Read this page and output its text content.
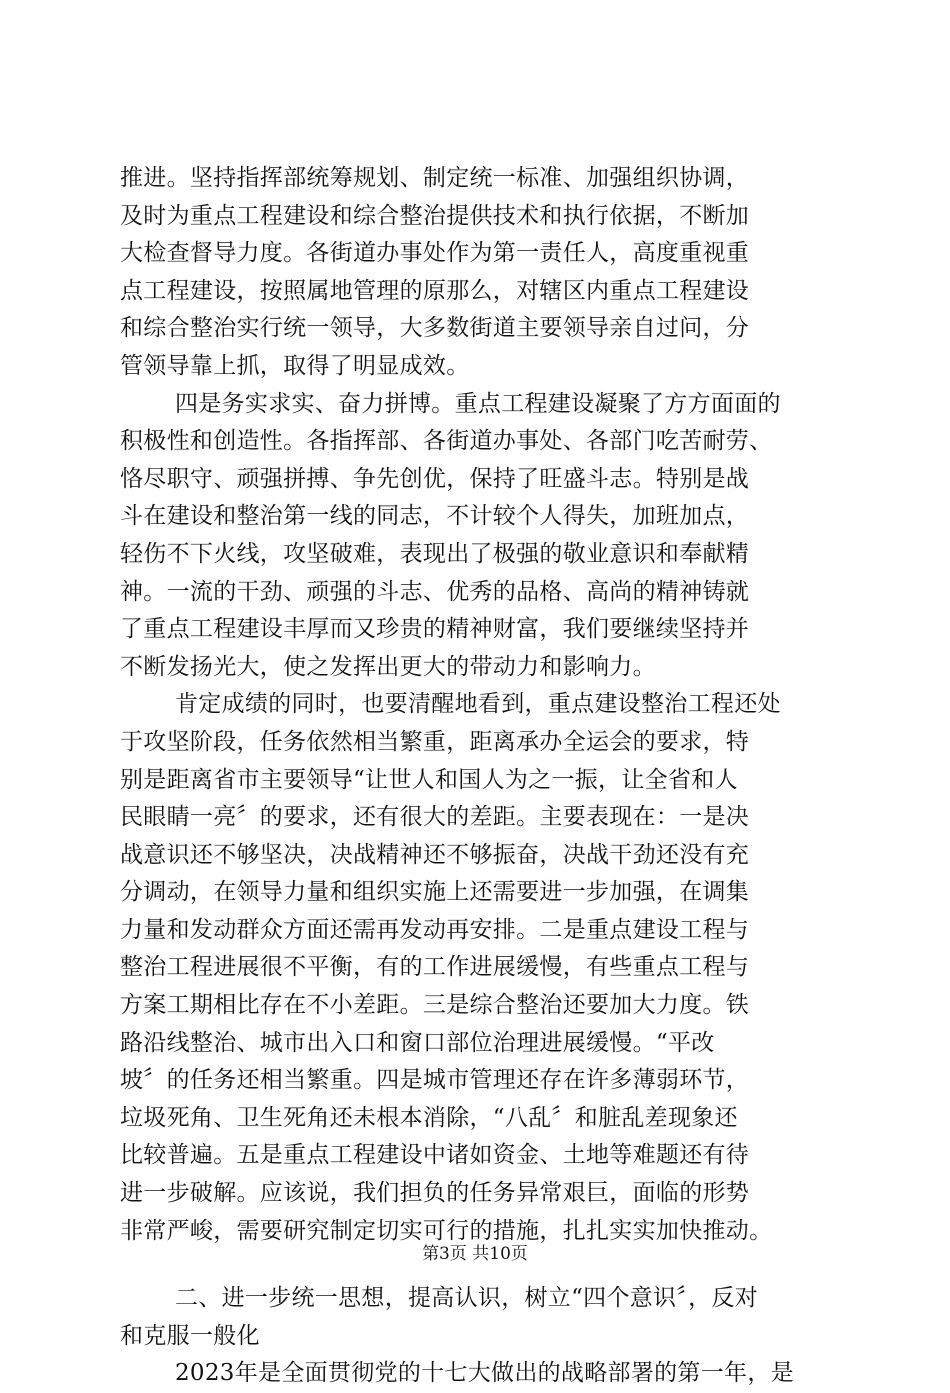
推进。坚持指挥部统筹规划、制定统一标准、加强组织协调，
及时为重点工程建设和综合整治提供技术和执行依据，不断加
大检查督导力度。各街道办事处作为第一责任人，高度重视重
点工程建设，按照属地管理的原那么，对辖区内重点工程建设
和综合整治实行统一领导，大多数街道主要领导亲自过问，分
管领导靠上抓，取得了明显成效。
四是务实求实、奋力拼博。重点工程建设凝聚了方方面面的
积极性和创造性。各指挥部、各街道办事处、各部门吃苦耐劳、
恪尽职守、顽强拼搏、争先创优，保持了旺盛斗志。特别是战
斗在建设和整治第一线的同志，不计较个人得失，加班加点，
轻伤不下火线，攻坚破难，表现出了极强的敬业意识和奉献精
神。一流的干劲、顽强的斗志、优秀的品格、高尚的精神铸就
了重点工程建设丰厚而又珍贵的精神财富，我们要继续坚持并
不断发扬光大，使之发挥出更大的带动力和影响力。
肯定成绩的同时，也要清醒地看到，重点建设整治工程还处
于攻坚阶段，任务依然相当繁重，距离承办全运会的要求，特
别是距离省市主要领导“让世人和国人为之一振，让全省和人
民眼睛一亮〞的要求，还有很大的差距。主要表现在：一是决
战意识还不够坚决，决战精神还不够振奋，决战干劲还没有充
分调动，在领导力量和组织实施上还需要进一步加强，在调集
力量和发动群众方面还需再发动再安排。二是重点建设工程与
整治工程进展很不平衡，有的工作进展缓慢，有些重点工程与
方案工期相比存在不小差距。三是综合整治还要加大力度。铁
路沿线整治、城市出入口和窗口部位治理进展缓慢。“平改
坡〞的任务还相当繁重。四是城市管理还存在许多薄弱环节，
垃圾死角、卫生死角还未根本消除，“八乱〞和脏乱差现象还
比较普遍。五是重点工程建设中诸如资金、土地等难题还有待
进一步破解。应该说，我们担负的任务异常艰巨，面临的形势
非常严峻，需要研究制定切实可行的措施，扎扎实实加快推动。
二、进一步统一思想，提高认识，树立“四个意识〞，反对
和克服一般化
2023年是全面贯彻党的十七大做出的战略部署的第一年，是
第3页 共10页
